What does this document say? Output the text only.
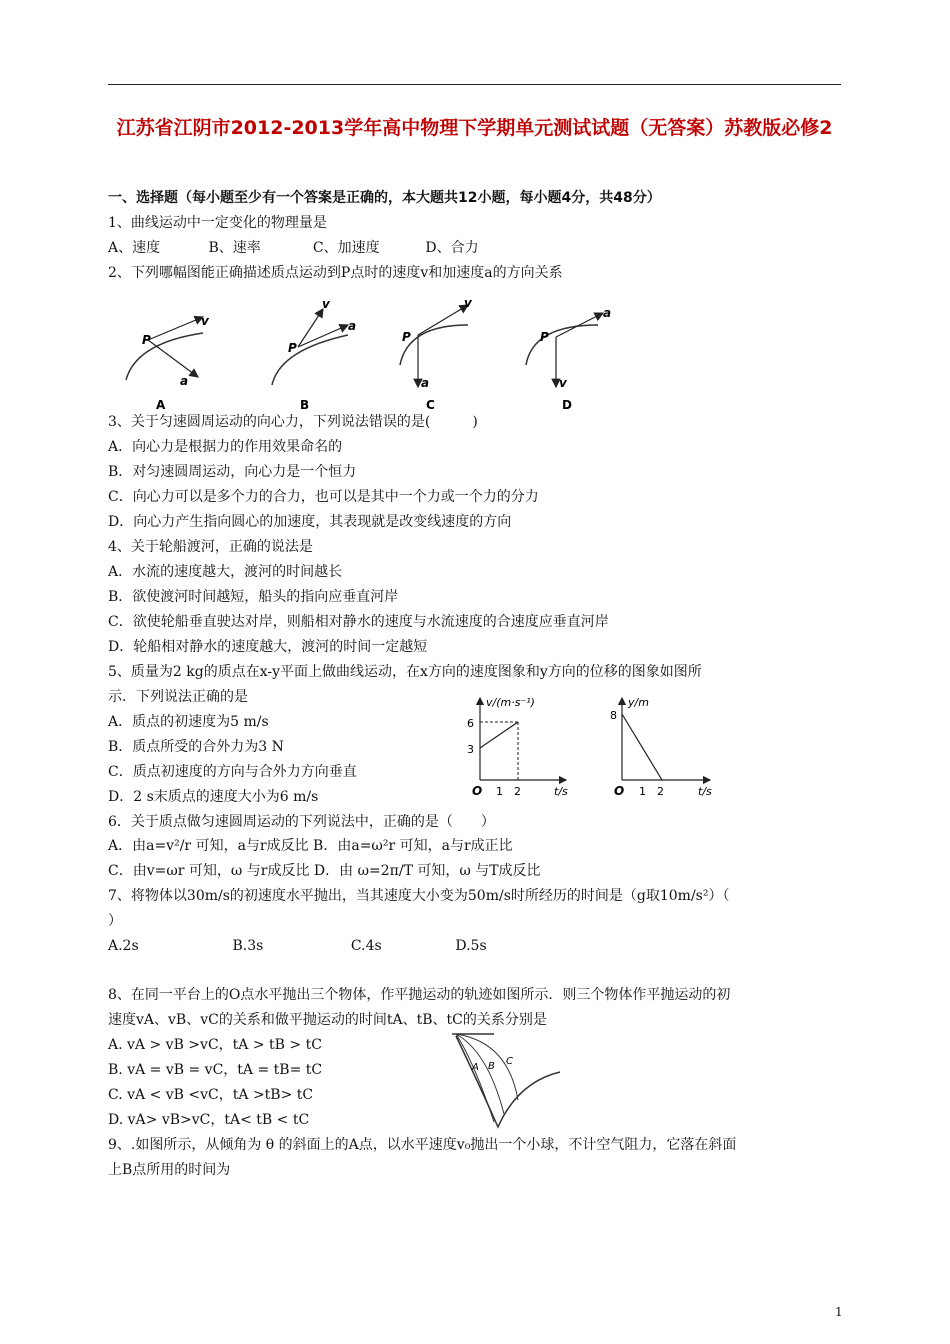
江苏省江阴市2012-2013学年高中物理下学期单元测试试题（无答案）苏教版必修2
一、选择题（每小题至少有一个答案是正确的，本大题共12小题，每小题4分，共48分）
1、曲线运动中一定变化的物理量是
A、速度	B、速率	C、加速度	D、合力
2、下列哪幅图能正确描述质点运动到P点时的速度v和加速度a的方向关系
P
v
a
A
P
v
a
B
P
v
a
C
P
a
v
D
3、关于匀速圆周运动的向心力，下列说法错误的是(　　　)
A．向心力是根据力的作用效果命名的
B．对匀速圆周运动，向心力是一个恒力
C．向心力可以是多个力的合力，也可以是其中一个力或一个力的分力
D．向心力产生指向圆心的加速度，其表现就是改变线速度的方向
4、关于轮船渡河，正确的说法是
A．水流的速度越大，渡河的时间越长
B．欲使渡河时间越短，船头的指向应垂直河岸
C．欲使轮船垂直驶达对岸，则船相对静水的速度与水流速度的合速度应垂直河岸
D．轮船相对静水的速度越大，渡河的时间一定越短
5、质量为2 kg的质点在x-y平面上做曲线运动，在x方向的速度图象和y方向的位移的图象如图所
示．下列说法正确的是
A．质点的初速度为5 m/s
B．质点所受的合外力为3 N
C．质点初速度的方向与合外力方向垂直
D．2 s末质点的速度大小为6 m/s
v/(m·s⁻¹)
6
3
O 1 2	t/s
y/m
8
O 1 2	t/s
6．关于质点做匀速圆周运动的下列说法中，正确的是（　　）
A．由a=v²/r 可知，a与r成反比 B．由a=ω²r 可知，a与r成正比
C．由v=ωr 可知，ω 与r成反比 D．由 ω=2π/T 可知，ω 与T成反比
7、将物体以30m/s的初速度水平抛出，当其速度大小变为50m/s时所经历的时间是（g取10m/s²）（
）
A.2s	B.3s	C.4s	D.5s
8、在同一平台上的O点水平抛出三个物体，作平抛运动的轨迹如图所示．则三个物体作平抛运动的初
速度vA、vB、vC的关系和做平抛运动的时间tA、tB、tC的关系分别是
A. vA > vB >vC，tA > tB > tC
B. vA = vB = vC，tA = tB= tC
C. vA < vB <vC，tA >tB> tC
D. vA> vB>vC，tA< tB < tC
A B C
9、.如图所示，从倾角为 θ 的斜面上的A点，以水平速度v₀抛出一个小球，不计空气阻力，它落在斜面
上B点所用的时间为
1
